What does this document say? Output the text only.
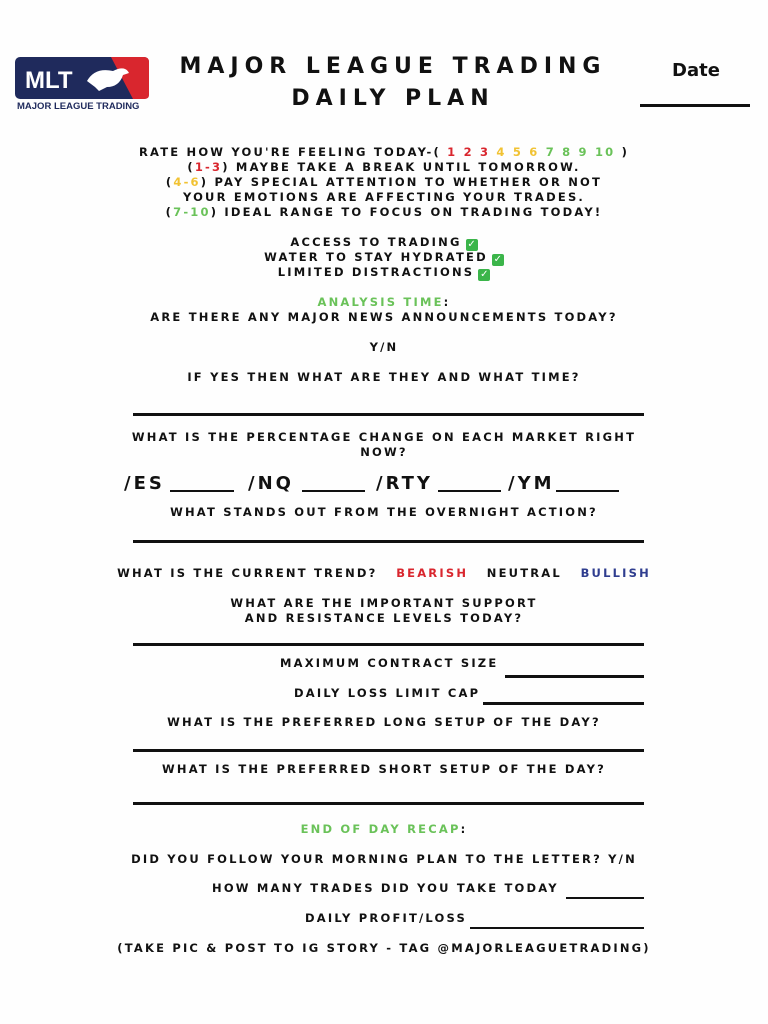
MLT
MAJOR LEAGUE TRADING
MAJOR LEAGUE TRADING
DAILY PLAN
Date
RATE HOW YOU'RE FEELING TODAY-( 1 2 3 4 5 6 7 8 9 10 )
(1-3) MAYBE TAKE A BREAK UNTIL TOMORROW.
(4-6) PAY SPECIAL ATTENTION TO WHETHER OR NOT
YOUR EMOTIONS ARE AFFECTING YOUR TRADES.
(7-10) IDEAL RANGE TO FOCUS ON TRADING TODAY!
ACCESS TO TRADING ✓
WATER TO STAY HYDRATED ✓
LIMITED DISTRACTIONS ✓
ANALYSIS TIME:
ARE THERE ANY MAJOR NEWS ANNOUNCEMENTS TODAY?
Y/N
IF YES THEN WHAT ARE THEY AND WHAT TIME?
WHAT IS THE PERCENTAGE CHANGE ON EACH MARKET RIGHT
NOW?
/ES	/NQ	/RTY	/YM
WHAT STANDS OUT FROM THE OVERNIGHT ACTION?
WHAT IS THE CURRENT TREND? BEARISH NEUTRAL BULLISH
WHAT ARE THE IMPORTANT SUPPORT
AND RESISTANCE LEVELS TODAY?
MAXIMUM CONTRACT SIZE
DAILY LOSS LIMIT CAP
WHAT IS THE PREFERRED LONG SETUP OF THE DAY?
WHAT IS THE PREFERRED SHORT SETUP OF THE DAY?
END OF DAY RECAP:
DID YOU FOLLOW YOUR MORNING PLAN TO THE LETTER? Y/N
HOW MANY TRADES DID YOU TAKE TODAY
DAILY PROFIT/LOSS
(TAKE PIC & POST TO IG STORY - TAG @MAJORLEAGUETRADING)
